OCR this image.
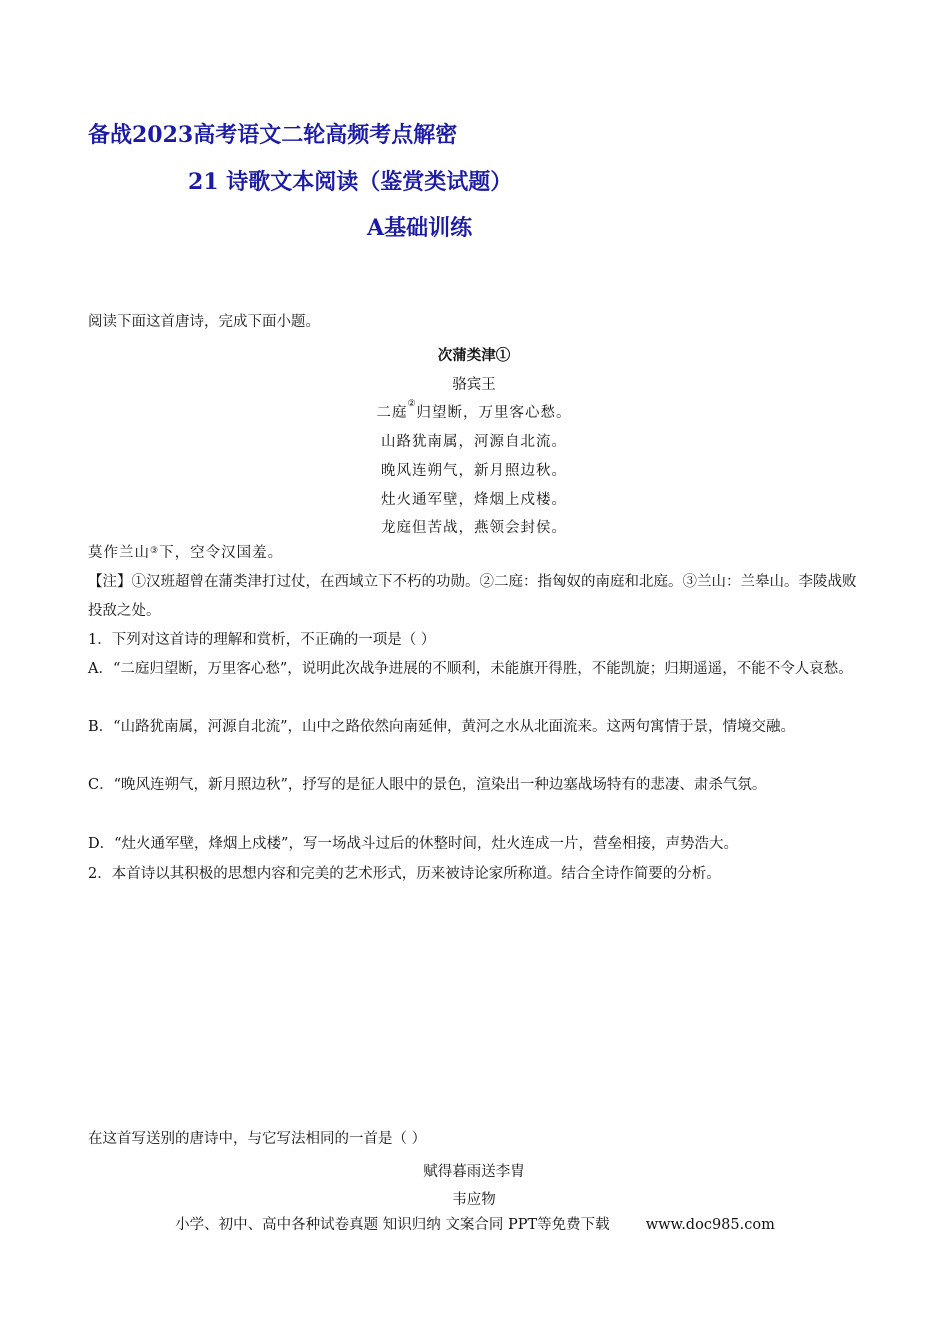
备战2023高考语文二轮高频考点解密
21 诗歌文本阅读（鉴赏类试题）
A基础训练
阅读下面这首唐诗，完成下面小题。
次蒲类津①
骆宾王
二庭②归望断，万里客心愁。
山路犹南属，河源自北流。
晚风连朔气，新月照边秋。
灶火通军壁，烽烟上戍楼。
龙庭但苦战，燕领会封侯。
莫作兰山③下，空令汉国羞。
【注】①汉班超曾在蒲类津打过仗，在西域立下不朽的功勋。②二庭：指匈奴的南庭和北庭。③兰山：兰皋山。李陵战败投敌之处。
1．下列对这首诗的理解和赏析，不正确的一项是（ ）
A．“二庭归望断，万里客心愁”，说明此次战争进展的不顺利，未能旗开得胜，不能凯旋；归期遥遥，不能不令人哀愁。
B．“山路犹南属，河源自北流”，山中之路依然向南延伸，黄河之水从北面流来。这两句寓情于景，情境交融。
C．“晚风连朔气，新月照边秋”，抒写的是征人眼中的景色，渲染出一种边塞战场特有的悲凄、肃杀气氛。
D．“灶火通军壁，烽烟上戍楼”，写一场战斗过后的休整时间，灶火连成一片，营垒相接，声势浩大。
2．本首诗以其积极的思想内容和完美的艺术形式，历来被诗论家所称道。结合全诗作简要的分析。
在这首写送别的唐诗中，与它写法相同的一首是（ ）
赋得暮雨送李胄
韦应物
小学、初中、高中各种试卷真题 知识归纳 文案合同 PPT等免费下载 www.doc985.com
